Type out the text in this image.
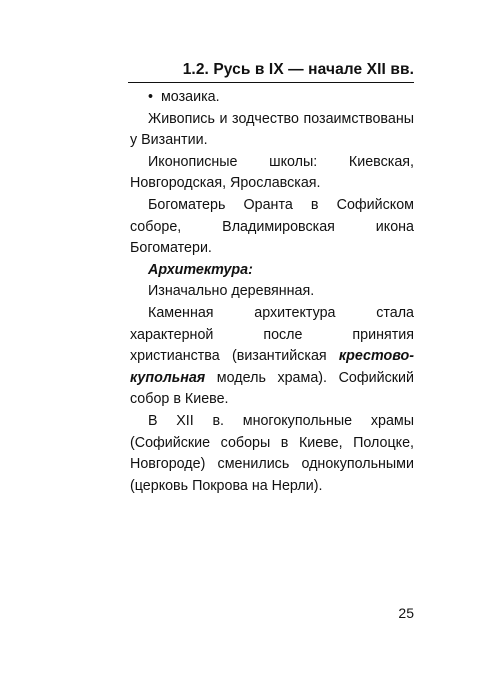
1.2. Русь в IX — начале XII вв.

• мозаика.

Живопись и зодчество позаимствованы у Византии.

Иконописные школы: Киевская, Новгородская, Ярославская.

Богоматерь Оранта в Софийском соборе, Владимировская икона Богоматери.

Архитектура:

Изначально деревянная.

Каменная архитектура стала характерной после принятия христианства (византийская крестово-купольная модель храма). Софийский собор в Киеве.

В XII в. многокупольные храмы (Софийские соборы в Киеве, Полоцке, Новгороде) сменились однокупольными (церковь Покрова на Нерли).

25
